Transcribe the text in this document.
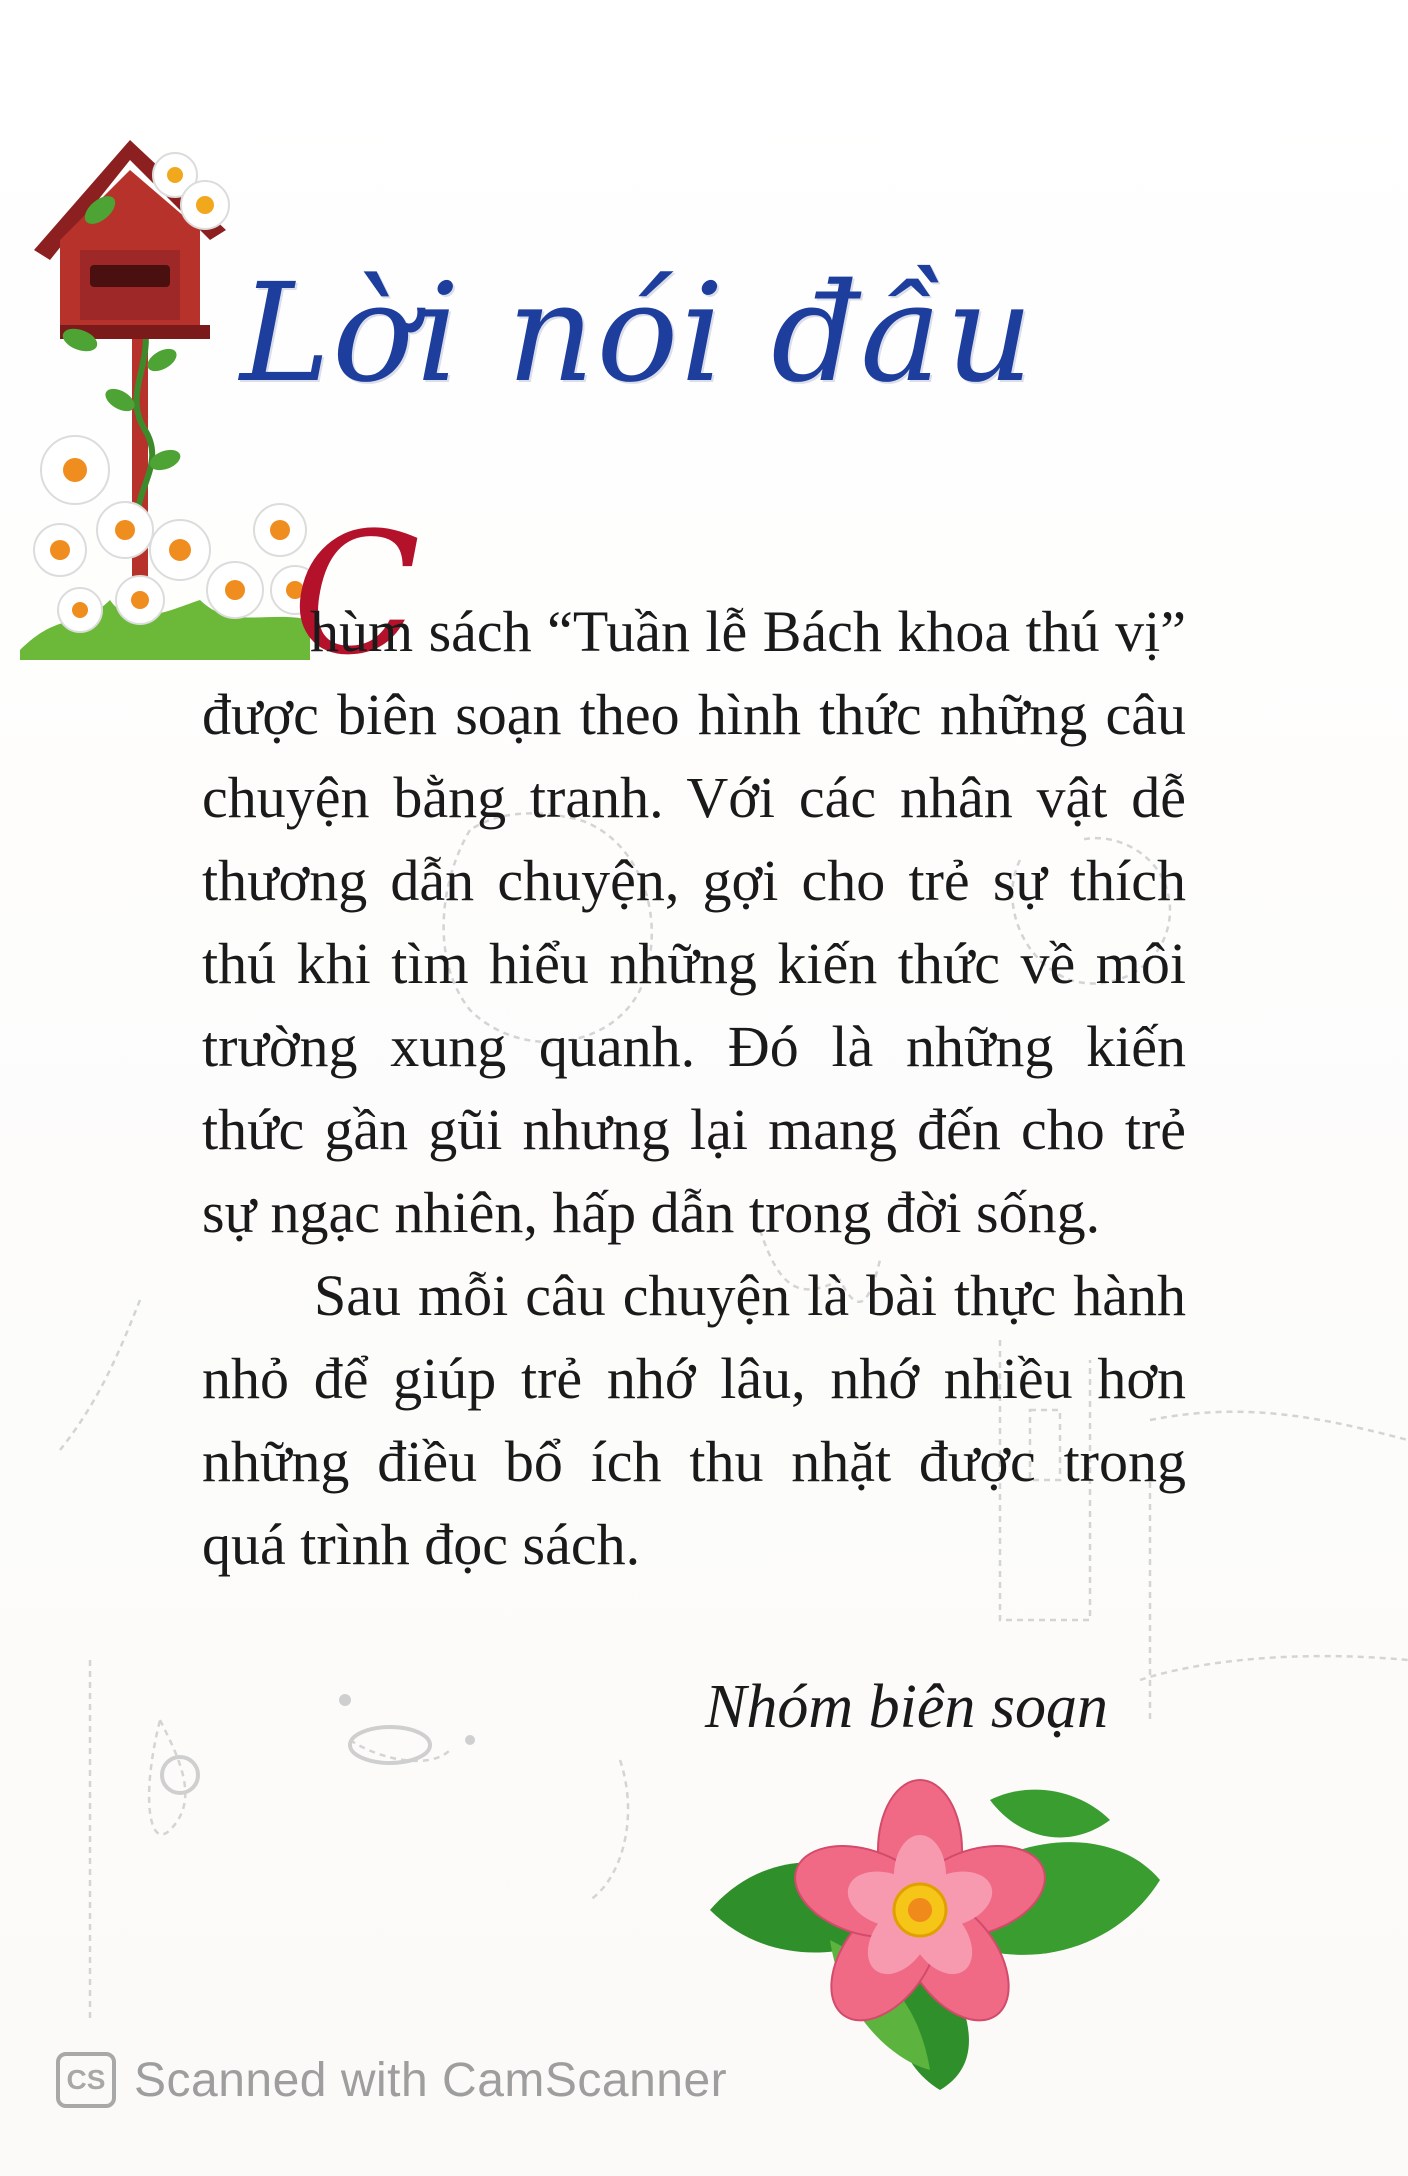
Lời nói đầu
C

hùm sách “Tuần lễ Bách khoa thú vị” được biên soạn theo hình thức những câu chuyện bằng tranh. Với các nhân vật dễ thương dẫn chuyện, gợi cho trẻ sự thích thú khi tìm hiểu những kiến thức về môi trường xung quanh. Đó là những kiến thức gần gũi nhưng lại mang đến cho trẻ sự ngạc nhiên, hấp dẫn trong đời sống.

Sau mỗi câu chuyện là bài thực hành nhỏ để giúp trẻ nhớ lâu, nhớ nhiều hơn những điều bổ ích thu nhặt được trong quá trình đọc sách.

Nhóm biên soạn
CS Scanned with CamScanner
